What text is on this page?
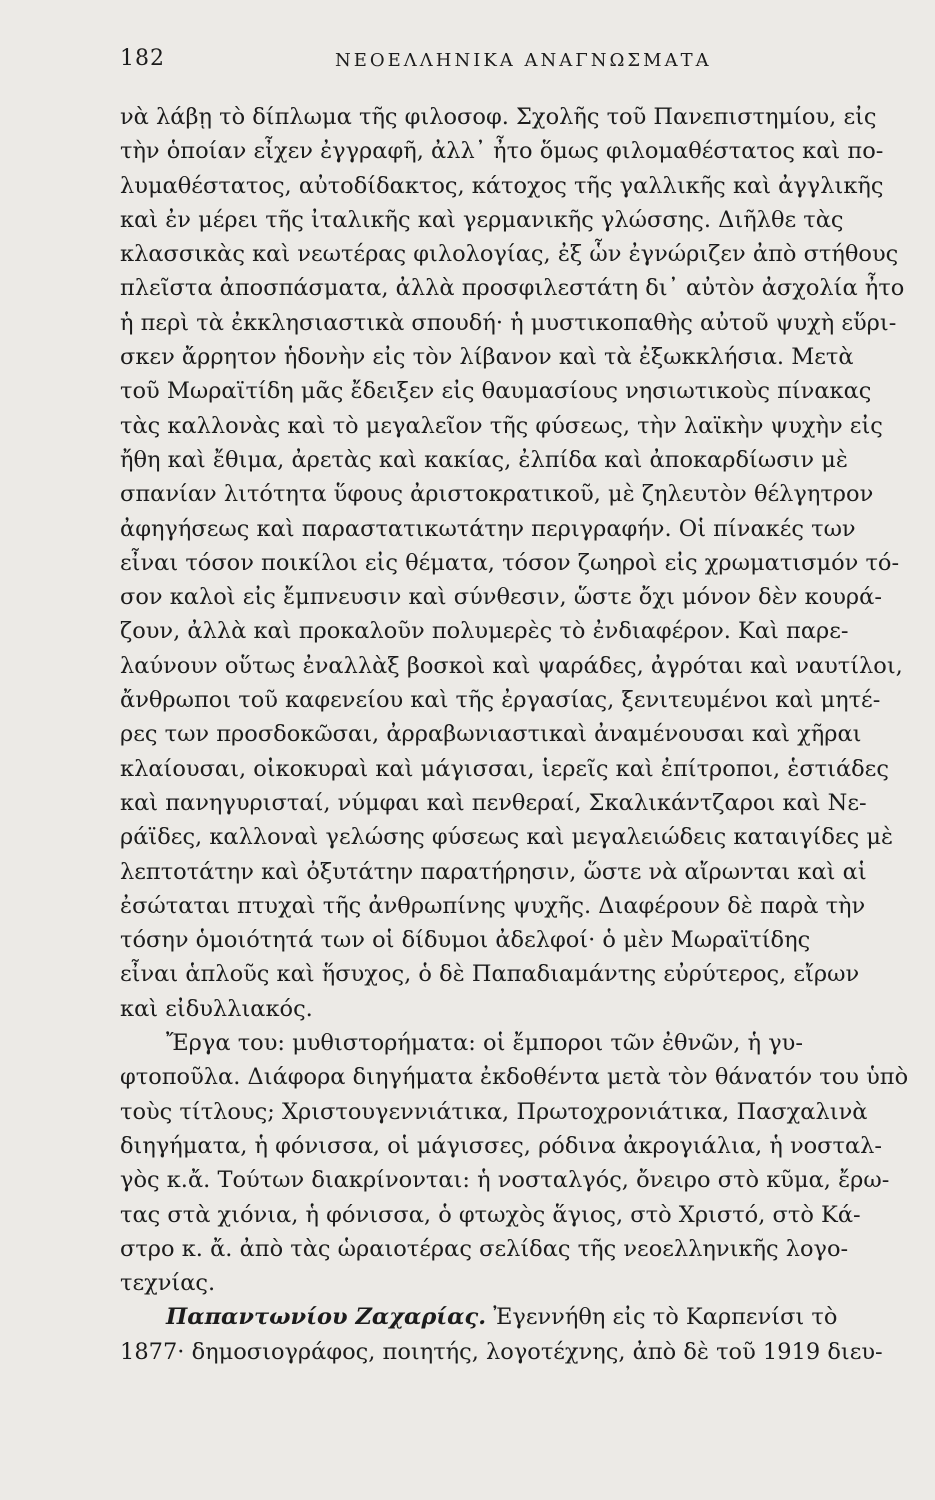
182	ΝΕΟΕΛΛΗΝΙΚΑ ΑΝΑΓΝΩΣΜΑΤΑ
νὰ λάβῃ τὸ δίπλωμα τῆς φιλοσοφ. Σχολῆς τοῦ Πανεπιστημίου, εἰς
τὴν ὁποίαν εἶχεν ἐγγραφῆ, ἀλλ᾽ ἦτο ὅμως φιλομαθέστατος καὶ πο-
λυμαθέστατος, αὐτοδίδακτος, κάτοχος τῆς γαλλικῆς καὶ ἀγγλικῆς
καὶ ἐν μέρει τῆς ἰταλικῆς καὶ γερμανικῆς γλώσσης. Διῆλθε τὰς
κλασσικὰς καὶ νεωτέρας φιλολογίας, ἐξ ὧν ἐγνώριζεν ἀπὸ στήθους
πλεῖστα ἀποσπάσματα, ἀλλὰ προσφιλεστάτη δι᾽ αὐτὸν ἀσχολία ἦτο
ἡ περὶ τὰ ἐκκλησιαστικὰ σπουδή· ἡ μυστικοπαθὴς αὐτοῦ ψυχὴ εὕρι-
σκεν ἄρρητον ἡδονὴν εἰς τὸν λίβανον καὶ τὰ ἐξωκκλήσια. Μετὰ
τοῦ Μωραϊτίδη μᾶς ἔδειξεν εἰς θαυμασίους νησιωτικοὺς πίνακας
τὰς καλλονὰς καὶ τὸ μεγαλεῖον τῆς φύσεως, τὴν λαϊκὴν ψυχὴν εἰς
ἤθη καὶ ἔθιμα, ἀρετὰς καὶ κακίας, ἐλπίδα καὶ ἀποκαρδίωσιν μὲ
σπανίαν λιτότητα ὕφους ἀριστοκρατικοῦ, μὲ ζηλευτὸν θέλγητρον
ἀφηγήσεως καὶ παραστατικωτάτην περιγραφήν. Οἱ πίνακές των
εἶναι τόσον ποικίλοι εἰς θέματα, τόσον ζωηροὶ εἰς χρωματισμόν τό-
σον καλοὶ εἰς ἔμπνευσιν καὶ σύνθεσιν, ὥστε ὄχι μόνον δὲν κουρά-
ζουν, ἀλλὰ καὶ προκαλοῦν πολυμερὲς τὸ ἐνδιαφέρον. Καὶ παρε-
λαύνουν οὕτως ἐναλλὰξ βοσκοὶ καὶ ψαράδες, ἀγρόται καὶ ναυτίλοι,
ἄνθρωποι τοῦ καφενείου καὶ τῆς ἐργασίας, ξενιτευμένοι καὶ μητέ-
ρες των προσδοκῶσαι, ἀρραβωνιαστικαὶ ἀναμένουσαι καὶ χῆραι
κλαίουσαι, οἰκοκυραὶ καὶ μάγισσαι, ἱερεῖς καὶ ἐπίτροποι, ἑστιάδες
καὶ πανηγυρισταί, νύμφαι καὶ πενθεραί, Σκαλικάντζαροι καὶ Νε-
ράϊδες, καλλοναὶ γελώσης φύσεως καὶ μεγαλειώδεις καταιγίδες μὲ
λεπτοτάτην καὶ ὀξυτάτην παρατήρησιν, ὥστε νὰ αἴρωνται καὶ αἱ
ἐσώταται πτυχαὶ τῆς ἀνθρωπίνης ψυχῆς. Διαφέρουν δὲ παρὰ τὴν
τόσην ὁμοιότητά των οἱ δίδυμοι ἀδελφοί· ὁ μὲν Μωραϊτίδης
εἶναι ἁπλοῦς καὶ ἥσυχος, ὁ δὲ Παπαδιαμάντης εὐρύτερος, εἴρων
καὶ εἰδυλλιακός.
Ἔργα του: μυθιστορήματα: οἱ ἔμποροι τῶν ἐθνῶν, ἡ γυ-
φτοποῦλα. Διάφορα διηγήματα ἐκδοθέντα μετὰ τὸν θάνατόν του ὑπὸ
τοὺς τίτλους; Χριστουγεννιάτικα, Πρωτοχρονιάτικα, Πασχαλινὰ
διηγήματα, ἡ φόνισσα, οἱ μάγισσες, ρόδινα ἀκρογιάλια, ἡ νοσταλ-
γὸς κ.ἄ. Τούτων διακρίνονται: ἡ νοσταλγός, ὄνειρο στὸ κῦμα, ἔρω-
τας στὰ χιόνια, ἡ φόνισσα, ὁ φτωχὸς ἅγιος, στὸ Χριστό, στὸ Κά-
στρο κ. ἄ. ἀπὸ τὰς ὡραιοτέρας σελίδας τῆς νεοελληνικῆς λογο-
τεχνίας.
Παπαντωνίου Ζαχαρίας. Ἐγεννήθη εἰς τὸ Καρπενίσι τὸ
1877· δημοσιογράφος, ποιητής, λογοτέχνης, ἀπὸ δὲ τοῦ 1919 διευ-
